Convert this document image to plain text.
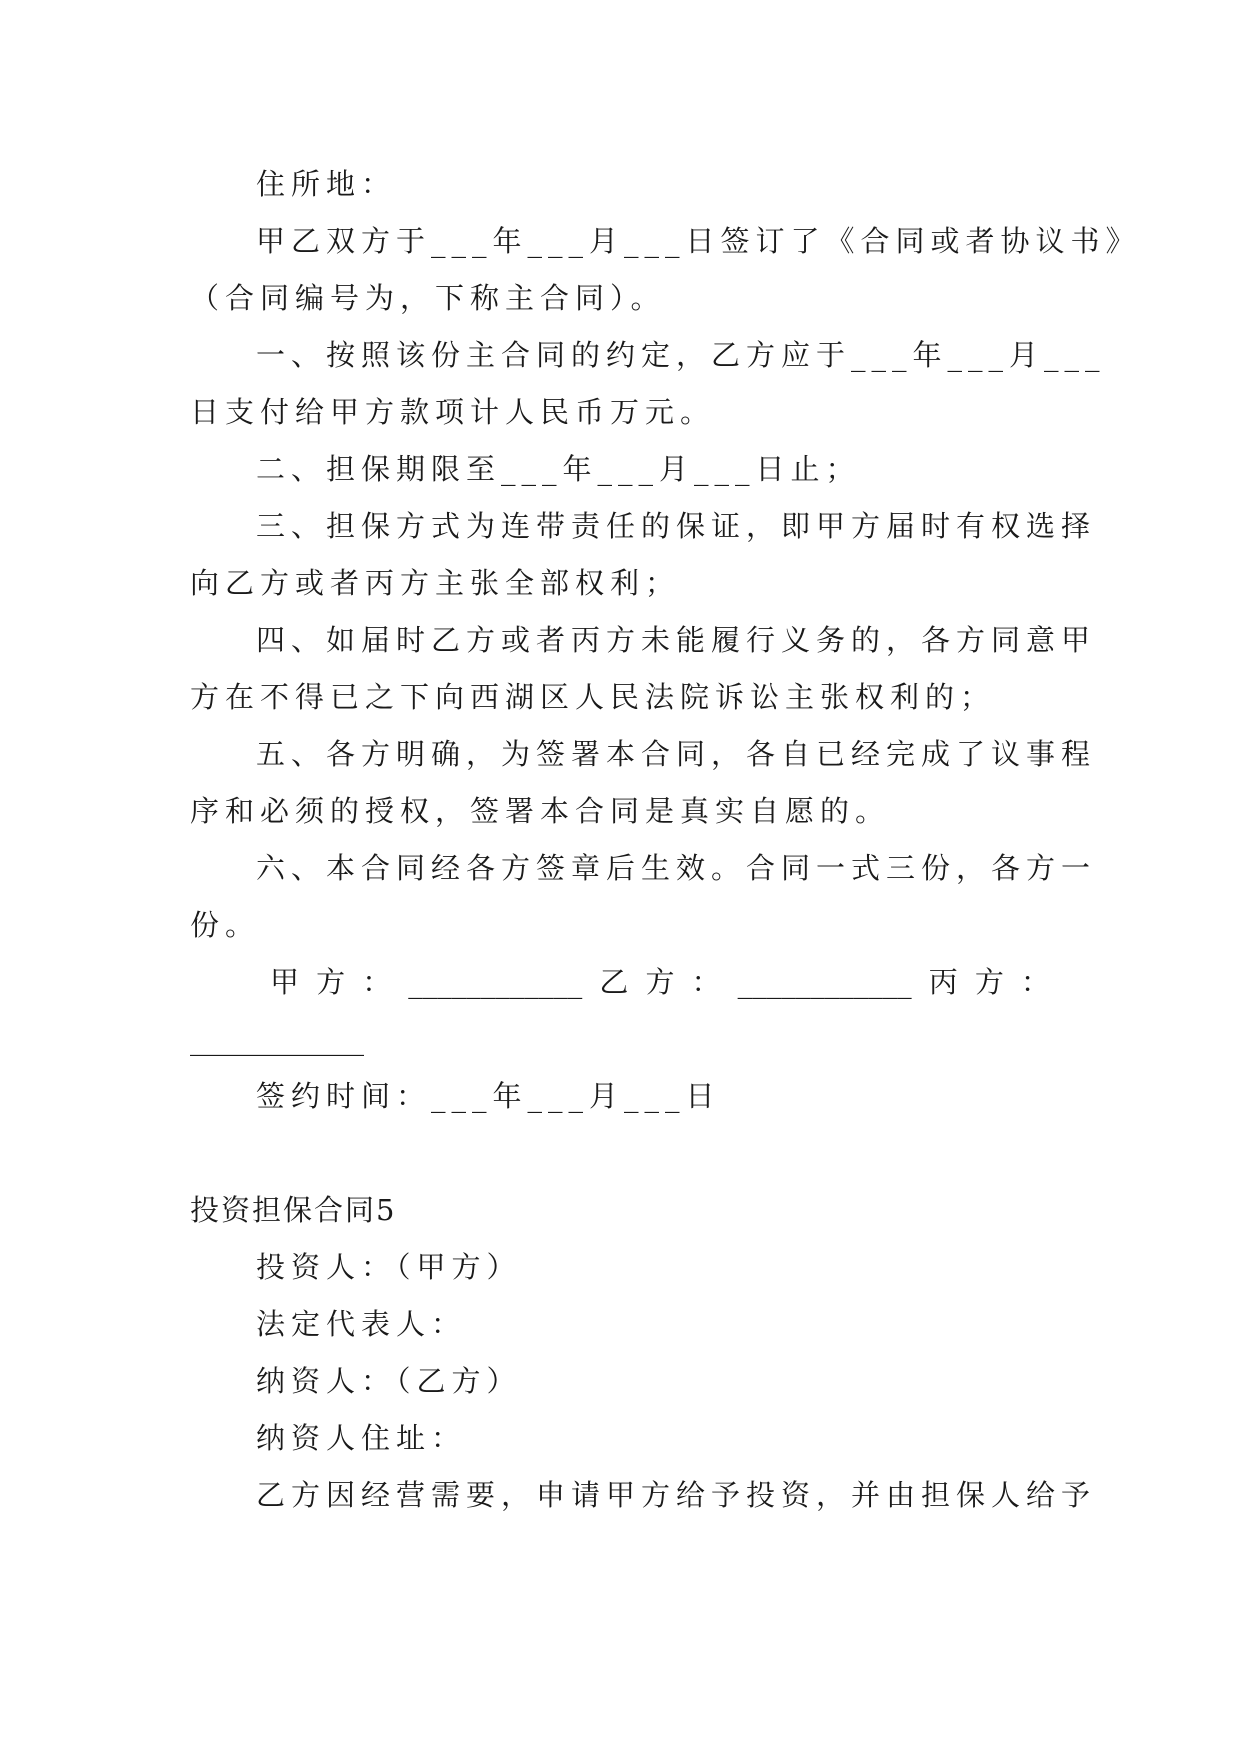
住所地：
甲乙双方于___年___月___日签订了《合同或者协议书》
（合同编号为，下称主合同）。
一、按照该份主合同的约定，乙方应于___年___月___
日支付给甲方款项计人民币万元。
二、担保期限至___年___月___日止；
三、担保方式为连带责任的保证，即甲方届时有权选择
向乙方或者丙方主张全部权利；
四、如届时乙方或者丙方未能履行义务的，各方同意甲
方在不得已之下向西湖区人民法院诉讼主张权利的；
五、各方明确，为签署本合同，各自已经完成了议事程
序和必须的授权，签署本合同是真实自愿的。
六、本合同经各方签章后生效。合同一式三份，各方一
份。
甲 方 ： ____________ 乙 方 ： ____________ 丙 方 ：
____________
签约时间：___年___月___日
投资担保合同5
投资人：（甲方）
法定代表人：
纳资人：（乙方）
纳资人住址：
乙方因经营需要，申请甲方给予投资，并由担保人给予
